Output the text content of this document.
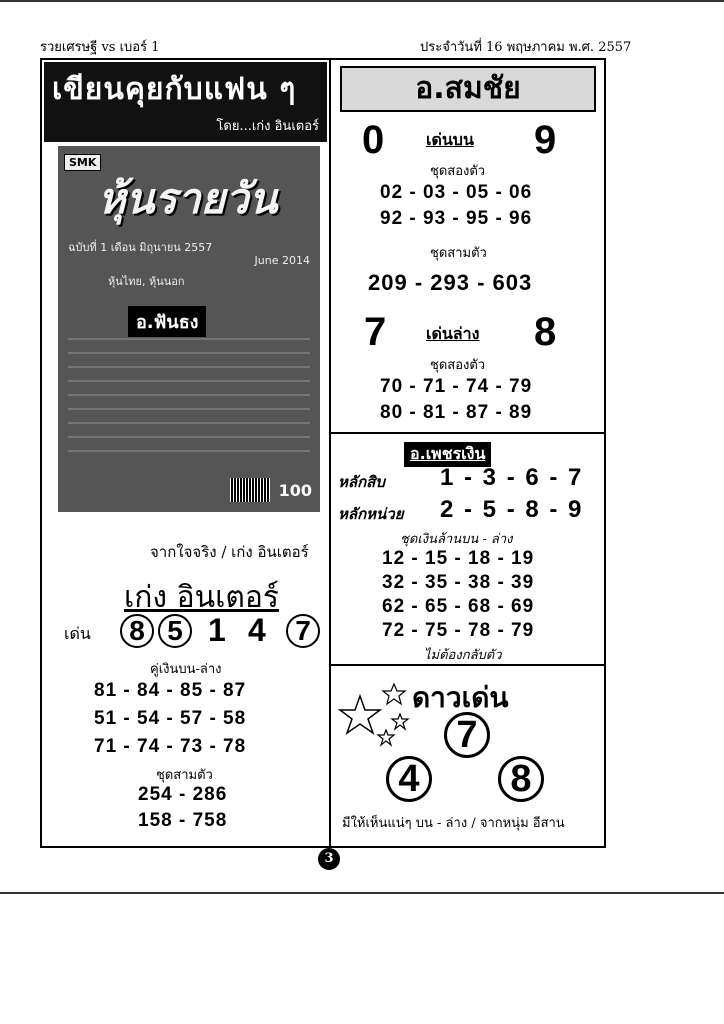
รวยเศรษฐี vs เบอร์ 1	ประจำวันที่ 16 พฤษภาคม พ.ศ. 2557
เขียนคุยกับแฟน ๆ
โดย...เก่ง อินเตอร์
SMK
หุ้นรายวัน
ฉบับที่ 1 เดือน มิถุนายน 2557
June 2014
หุ้นไทย, หุ้นนอก
อ.ฟันธง
100
จากใจจริง / เก่ง อินเตอร์
เก่ง อินเตอร์
เด่น	8 5 1 4	7
คู่เงินบน-ล่าง
81 - 84 - 85 - 87
51 - 54 - 57 - 58
71 - 74 - 73 - 78
ชุดสามตัว
254 - 286
158 - 758
อ.สมชัย
0	เด่นบน 9
ชุดสองตัว
02 - 03 - 05 - 06
92 - 93 - 95 - 96
ชุดสามตัว
209 - 293 - 603
7 เด่นล่าง 8
ชุดสองตัว
70 - 71 - 74 - 79
80 - 81 - 87 - 89
อ.เพชรเงิน
หลักสิบ 1 - 3 - 6 - 7
หลักหน่วย 2 - 5 - 8 - 9
ชุดเงินล้านบน - ล่าง
12 - 15 - 18 - 19
32 - 35 - 38 - 39
62 - 65 - 68 - 69
72 - 75 - 78 - 79
ไม่ต้องกลับตัว
ดาวเด่น
7
4	8
มีให้เห็นแน่ๆ บน - ล่าง / จากหนุ่ม อีสาน
3
